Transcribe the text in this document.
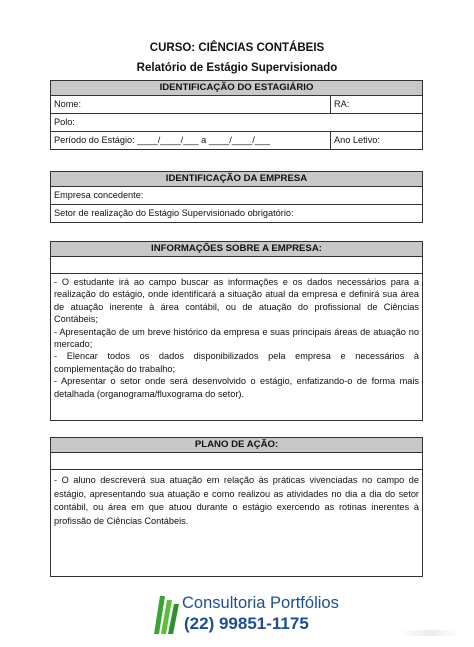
CURSO: CIÊNCIAS CONTÁBEIS
Relatório de Estágio Supervisionado
IDENTIFICAÇÃO DO ESTAGIÁRIO
Nome:	RA:
Polo:
Período do Estágio: ____/____/___ a ____/____/___	Ano Letivo:
IDENTIFICAÇÃO DA EMPRESA
Empresa concedente:
Setor de realização do Estágio Supervisionado obrigatório:
INFORMAÇÕES SOBRE A EMPRESA:

- O estudante irá ao campo buscar as informações e os dados necessários para a realização do estágio, onde identificará a situação atual da empresa e definirá sua área de atuação inerente à área contábil, ou de atuação do profissional de Ciências Contábeis;

- Apresentação de um breve histórico da empresa e suas principais áreas de atuação no mercado;

- Elencar todos os dados disponibilizados pela empresa e necessários à complementação do trabalho;

- Apresentar o setor onde será desenvolvido o estágio, enfatizando-o de forma mais detalhada (organograma/fluxograma do setor).

PLANO DE AÇÃO:
- O aluno descreverá sua atuação em relação às práticas vivenciadas no campo de estágio, apresentando sua atuação e como realizou as atividades no dia a dia do setor contábil, ou área em que atuou durante o estágio exercendo as rotinas inerentes à profissão de Ciências Contábeis.
Consultoria Portfólios
(22) 99851-1175
